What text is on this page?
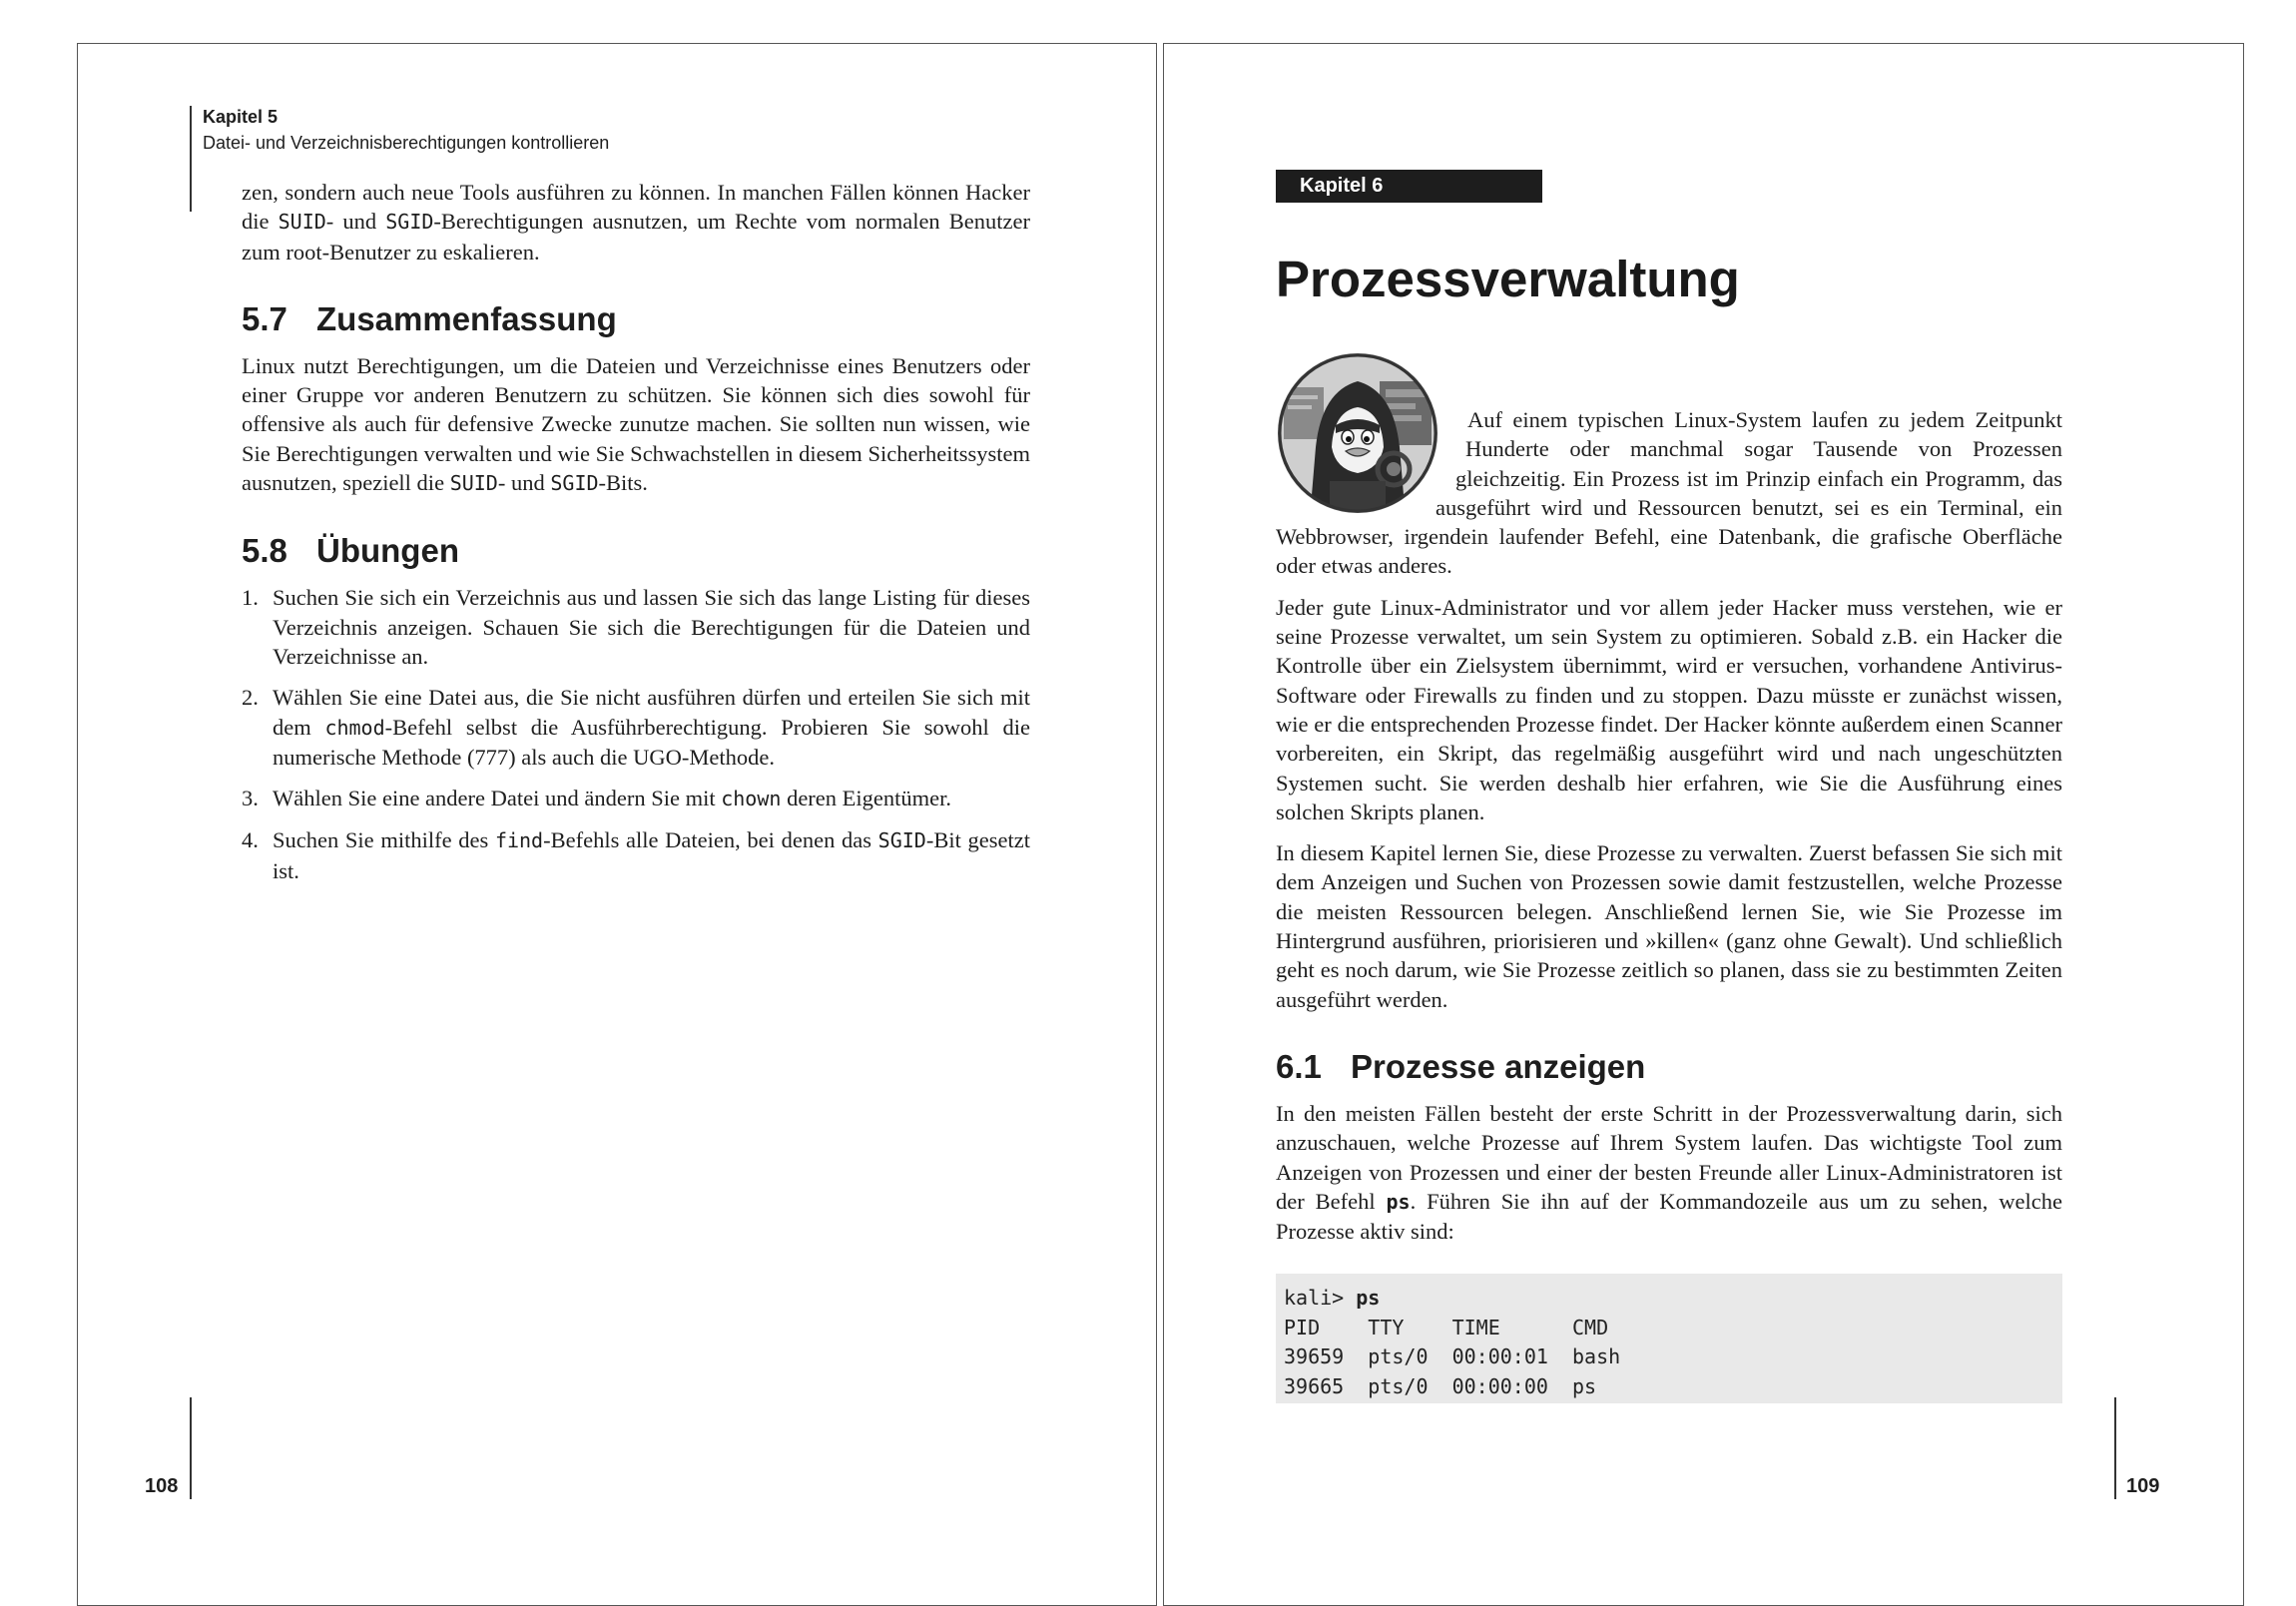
Kapitel 5
Datei- und Verzeichnisberechtigungen kontrollieren

zen, sondern auch neue Tools ausführen zu können. In manchen Fällen können Hacker die SUID- und SGID-Berechtigungen ausnutzen, um Rechte vom normalen Benutzer zum root-Benutzer zu eskalieren.

5.7 Zusammenfassung

Linux nutzt Berechtigungen, um die Dateien und Verzeichnisse eines Benutzers oder einer Gruppe vor anderen Benutzern zu schützen. Sie können sich dies sowohl für offensive als auch für defensive Zwecke zunutze machen. Sie sollten nun wissen, wie Sie Berechtigungen verwalten und wie Sie Schwachstellen in diesem Sicherheitssystem ausnutzen, speziell die SUID- und SGID-Bits.

5.8 Übungen
1. Suchen Sie sich ein Verzeichnis aus und lassen Sie sich das lange Listing für dieses Verzeichnis anzeigen. Schauen Sie sich die Berechtigungen für die Dateien und Verzeichnisse an.
2. Wählen Sie eine Datei aus, die Sie nicht ausführen dürfen und erteilen Sie sich mit dem chmod-Befehl selbst die Ausführberechtigung. Probieren Sie sowohl die numerische Methode (777) als auch die UGO-Methode.
3. Wählen Sie eine andere Datei und ändern Sie mit chown deren Eigentümer.
4. Suchen Sie mithilfe des find-Befehls alle Dateien, bei denen das SGID-Bit gesetzt ist.
108
Kapitel 6
Prozessverwaltung

Auf einem typischen Linux-System laufen zu jedem Zeitpunkt Hunderte oder manchmal sogar Tausende von Prozessen gleichzeitig. Ein Prozess ist im Prinzip einfach ein Programm, das ausgeführt wird und Ressourcen benutzt, sei es ein Terminal, ein Webbrowser, irgendein laufender Befehl, eine Datenbank, die grafische Oberfläche oder etwas anderes.

Jeder gute Linux-Administrator und vor allem jeder Hacker muss verstehen, wie er seine Prozesse verwaltet, um sein System zu optimieren. Sobald z.B. ein Hacker die Kontrolle über ein Zielsystem übernimmt, wird er versuchen, vorhandene Antivirus-Software oder Firewalls zu finden und zu stoppen. Dazu müsste er zunächst wissen, wie er die entsprechenden Prozesse findet. Der Hacker könnte außerdem einen Scanner vorbereiten, ein Skript, das regelmäßig ausgeführt wird und nach ungeschützten Systemen sucht. Sie werden deshalb hier erfahren, wie Sie die Ausführung eines solchen Skripts planen.

In diesem Kapitel lernen Sie, diese Prozesse zu verwalten. Zuerst befassen Sie sich mit dem Anzeigen und Suchen von Prozessen sowie damit festzustellen, welche Prozesse die meisten Ressourcen belegen. Anschließend lernen Sie, wie Sie Prozesse im Hintergrund ausführen, priorisieren und »killen« (ganz ohne Gewalt). Und schließlich geht es noch darum, wie Sie Prozesse zeitlich so planen, dass sie zu bestimmten Zeiten ausgeführt werden.

6.1 Prozesse anzeigen

In den meisten Fällen besteht der erste Schritt in der Prozessverwaltung darin, sich anzuschauen, welche Prozesse auf Ihrem System laufen. Das wichtigste Tool zum Anzeigen von Prozessen und einer der besten Freunde aller Linux-Administratoren ist der Befehl ps. Führen Sie ihn auf der Kommandozeile aus um zu sehen, welche Prozesse aktiv sind:

kali> ps
PID    TTY    TIME      CMD
39659  pts/0  00:00:01  bash
39665  pts/0  00:00:00  ps
109
